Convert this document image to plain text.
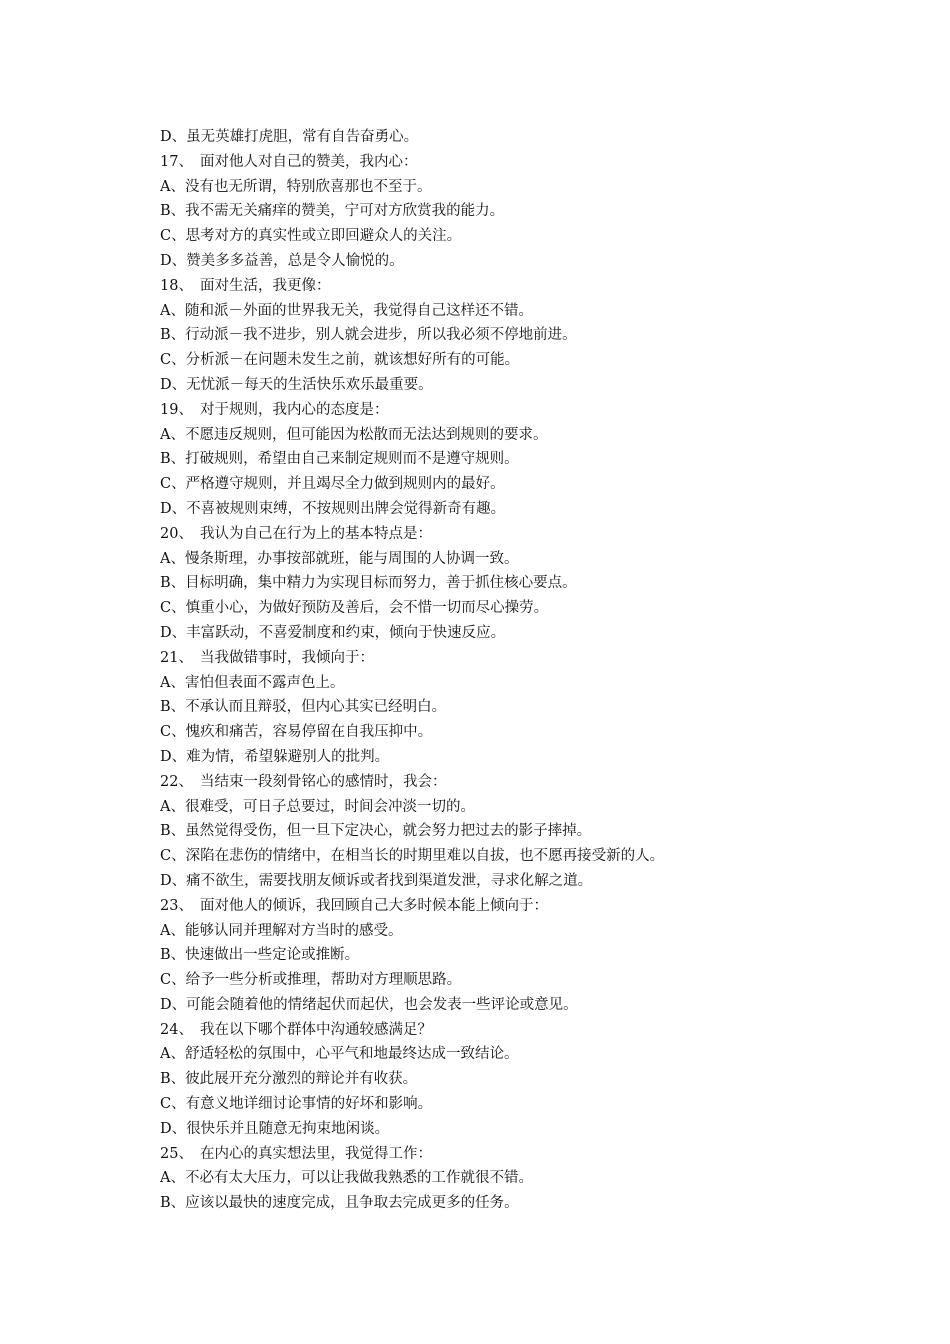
D、虽无英雄打虎胆，常有自告奋勇心。
17、 面对他人对自己的赞美，我内心：
A、没有也无所谓，特别欣喜那也不至于。
B、我不需无关痛痒的赞美，宁可对方欣赏我的能力。
C、思考对方的真实性或立即回避众人的关注。
D、赞美多多益善，总是令人愉悦的。
18、 面对生活，我更像：
A、随和派－外面的世界我无关，我觉得自己这样还不错。
B、行动派－我不进步，别人就会进步，所以我必须不停地前进。
C、分析派－在问题未发生之前，就该想好所有的可能。
D、无忧派－每天的生活快乐欢乐最重要。
19、 对于规则，我内心的态度是：
A、不愿违反规则，但可能因为松散而无法达到规则的要求。
B、打破规则，希望由自己来制定规则而不是遵守规则。
C、严格遵守规则，并且竭尽全力做到规则内的最好。
D、不喜被规则束缚，不按规则出牌会觉得新奇有趣。
20、 我认为自己在行为上的基本特点是：
A、慢条斯理，办事按部就班，能与周围的人协调一致。
B、目标明确，集中精力为实现目标而努力，善于抓住核心要点。
C、慎重小心，为做好预防及善后，会不惜一切而尽心操劳。
D、丰富跃动，不喜爱制度和约束，倾向于快速反应。
21、 当我做错事时，我倾向于：
A、害怕但表面不露声色上。
B、不承认而且辩驳，但内心其实已经明白。
C、愧疚和痛苦，容易停留在自我压抑中。
D、难为情，希望躲避别人的批判。
22、 当结束一段刻骨铭心的感情时，我会：
A、很难受，可日子总要过，时间会冲淡一切的。
B、虽然觉得受伤，但一旦下定决心，就会努力把过去的影子摔掉。
C、深陷在悲伤的情绪中，在相当长的时期里难以自拔，也不愿再接受新的人。
D、痛不欲生，需要找朋友倾诉或者找到渠道发泄，寻求化解之道。
23、 面对他人的倾诉，我回顾自己大多时候本能上倾向于：
A、能够认同并理解对方当时的感受。
B、快速做出一些定论或推断。
C、给予一些分析或推理，帮助对方理顺思路。
D、可能会随着他的情绪起伏而起伏，也会发表一些评论或意见。
24、 我在以下哪个群体中沟通较感满足？
A、舒适轻松的氛围中，心平气和地最终达成一致结论。
B、彼此展开充分激烈的辩论并有收获。
C、有意义地详细讨论事情的好坏和影响。
D、很快乐并且随意无拘束地闲谈。
25、 在内心的真实想法里，我觉得工作：
A、不必有太大压力，可以让我做我熟悉的工作就很不错。
B、应该以最快的速度完成，且争取去完成更多的任务。
